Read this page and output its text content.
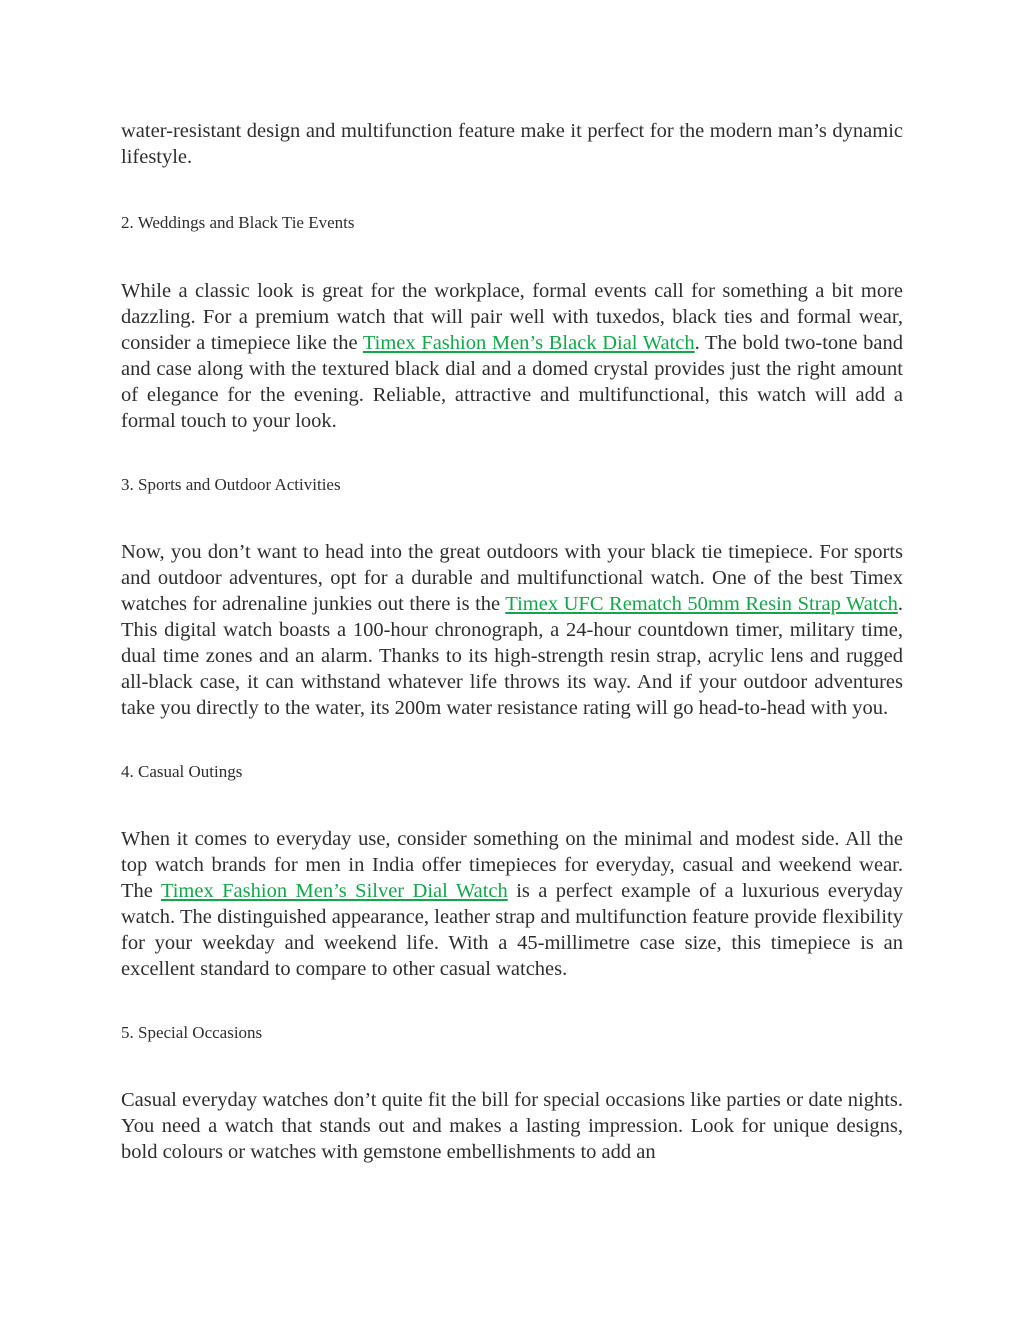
water-resistant design and multifunction feature make it perfect for the modern man’s dynamic lifestyle.

2. Weddings and Black Tie Events

While a classic look is great for the workplace, formal events call for something a bit more dazzling. For a premium watch that will pair well with tuxedos, black ties and formal wear, consider a timepiece like the Timex Fashion Men’s Black Dial Watch. The bold two-tone band and case along with the textured black dial and a domed crystal provides just the right amount of elegance for the evening. Reliable, attractive and multifunctional, this watch will add a formal touch to your look.

3. Sports and Outdoor Activities

Now, you don’t want to head into the great outdoors with your black tie timepiece. For sports and outdoor adventures, opt for a durable and multifunctional watch. One of the best Timex watches for adrenaline junkies out there is the Timex UFC Rematch 50mm Resin Strap Watch. This digital watch boasts a 100-hour chronograph, a 24-hour countdown timer, military time, dual time zones and an alarm. Thanks to its high-strength resin strap, acrylic lens and rugged all-black case, it can withstand whatever life throws its way. And if your outdoor adventures take you directly to the water, its 200m water resistance rating will go head-to-head with you.

4. Casual Outings

When it comes to everyday use, consider something on the minimal and modest side. All the top watch brands for men in India offer timepieces for everyday, casual and weekend wear. The Timex Fashion Men’s Silver Dial Watch is a perfect example of a luxurious everyday watch. The distinguished appearance, leather strap and multifunction feature provide flexibility for your weekday and weekend life. With a 45-millimetre case size, this timepiece is an excellent standard to compare to other casual watches.

5. Special Occasions

Casual everyday watches don’t quite fit the bill for special occasions like parties or date nights. You need a watch that stands out and makes a lasting impression. Look for unique designs, bold colours or watches with gemstone embellishments to add an
